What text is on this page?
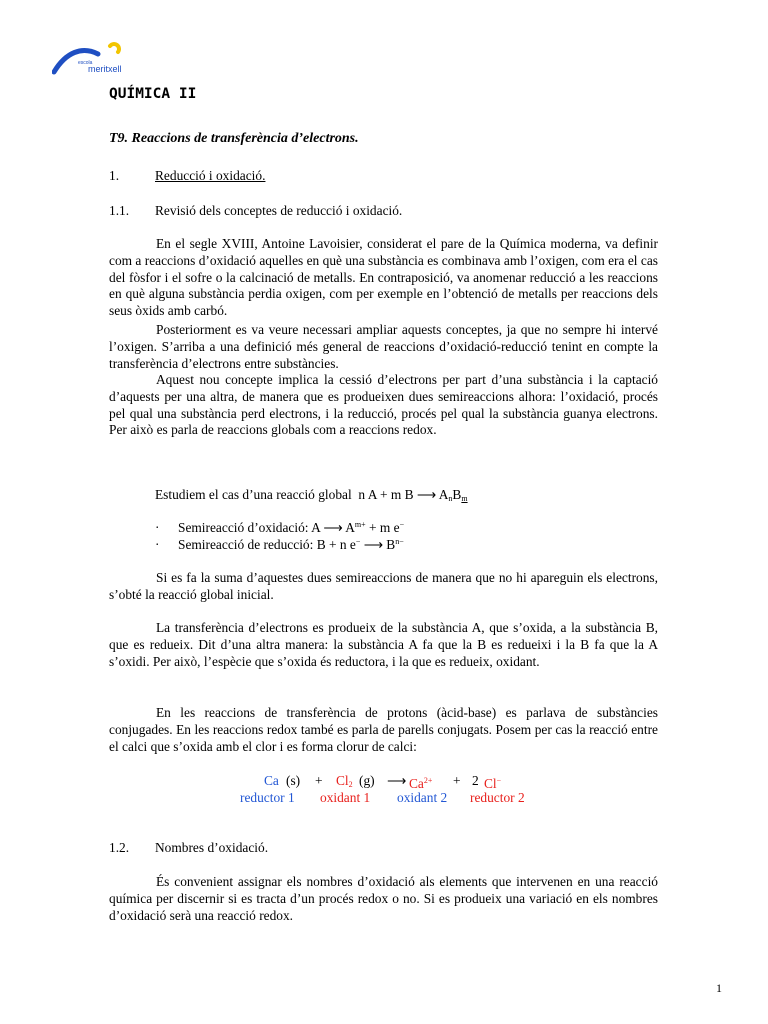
escola
meritxell
QUÍMICA II
T9. Reaccions de transferència d’electrons.
1.	Reducció i oxidació.
1.1. Revisió dels conceptes de reducció i oxidació.

En el segle XVIII, Antoine Lavoisier, considerat el pare de la Química moderna, va definir com a reaccions d’oxidació aquelles en què una substància es combinava amb l’oxigen, com era el cas del fòsfor i el sofre o la calcinació de metalls. En contraposició, va anomenar reducció a les reaccions en què alguna substància perdia oxigen, com per exemple en l’obtenció de metalls per reaccions dels seus òxids amb carbó.

Posteriorment es va veure necessari ampliar aquests conceptes, ja que no sempre hi intervé l’oxigen. S’arriba a una definició més general de reaccions d’oxidació-reducció tenint en compte la transferència d’electrons entre substàncies.

Aquest nou concepte implica la cessió d’electrons per part d’una substància i la captació d’aquests per una altra, de manera que es produeixen dues semireaccions alhora: l’oxidació, procés pel qual una substància perd electrons, i la reducció, procés pel qual la substància guanya electrons. Per això es parla de reaccions globals com a reaccions redox.

Estudiem el cas d’una reacció global n A + m B ⟶ $A_nB_m$
· Semireacció d’oxidació: A ⟶ $A^{m+} + m$ e−
· Semireacció de reducció: B + n e− ⟶ $B^{n-}$

Si es fa la suma d’aquestes dues semireaccions de manera que no hi apareguin els electrons, s’obté la reacció global inicial.

La transferència d’electrons es produeix de la substància A, que s’oxida, a la substància B, que es redueix. Dit d’una altra manera: la substància A fa que la B es redueixi i la B fa que la A s’oxidi. Per això, l’espècie que s’oxida és reductora, i la que es redueix, oxidant.

En les reaccions de transferència de protons (àcid-base) es parlava de substàncies conjugades. En les reaccions redox també es parla de parells conjugats. Posem per cas la reacció entre el calci que s’oxida amb el clor i es forma clorur de calci:

Ca $(s) + Cl_2$ (g) ⟶ $Ca^{2+} + 2$ Cl−
reductor 1 oxidant 1 oxidant 2 reductor 2
1.2. Nombres d’oxidació.

És convenient assignar els nombres d’oxidació als elements que intervenen en una reacció química per discernir si es tracta d’un procés redox o no. Si es produeix una variació en els nombres d’oxidació serà una reacció redox.

1
